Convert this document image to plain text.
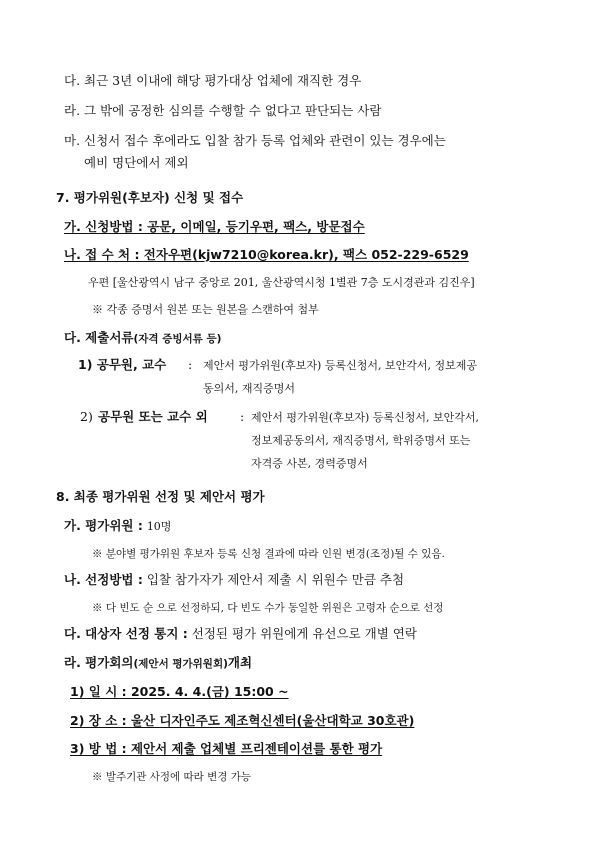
다. 최근 3년 이내에 해당 평가대상 업체에 재직한 경우
라. 그 밖에 공정한 심의를 수행할 수 없다고 판단되는 사람
마. 신청서 접수 후에라도 입찰 참가 등록 업체와 관련이 있는 경우에는
예비 명단에서 제외
7. 평가위원(후보자) 신청 및 접수
가. 신청방법 : 공문, 이메일, 등기우편, 팩스, 방문접수
나. 접 수 처 : 전자우편(kjw7210@korea.kr), 팩스 052-229-6529
우편 [울산광역시 남구 중앙로 201, 울산광역시청 1별관 7층 도시경관과 김진우]
※ 각종 증명서 원본 또는 원본을 스캔하여 첨부
다. 제출서류(자격 증빙서류 등)
1) 공무원, 교수 : 제안서 평가위원(후보자) 등록신청서, 보안각서, 정보제공
동의서, 재직증명서
2) 공무원 또는 교수 외	: 제안서 평가위원(후보자) 등록신청서, 보안각서,
정보제공동의서, 재직증명서, 학위증명서 또는
자격증 사본, 경력증명서
8. 최종 평가위원 선정 및 제안서 평가
가. 평가위원 : 10명
※ 분야별 평가위원 후보자 등록 신청 결과에 따라 인원 변경(조정)될 수 있음.
나. 선정방법 : 입찰 참가자가 제안서 제출 시 위원수 만큼 추첨
※ 다 빈도 순 으로 선정하되, 다 빈도 수가 동일한 위원은 고령자 순으로 선정
다. 대상자 선정 통지 : 선정된 평가 위원에게 유선으로 개별 연락
라. 평가회의(제안서 평가위원회)개최
1) 일 시 : 2025. 4. 4.(금) 15:00 ~
2) 장 소 : 울산 디자인주도 제조혁신센터(울산대학교 30호관)
3) 방 법 : 제안서 제출 업체별 프리젠테이션를 통한 평가
※ 발주기관 사정에 따라 변경 가능
